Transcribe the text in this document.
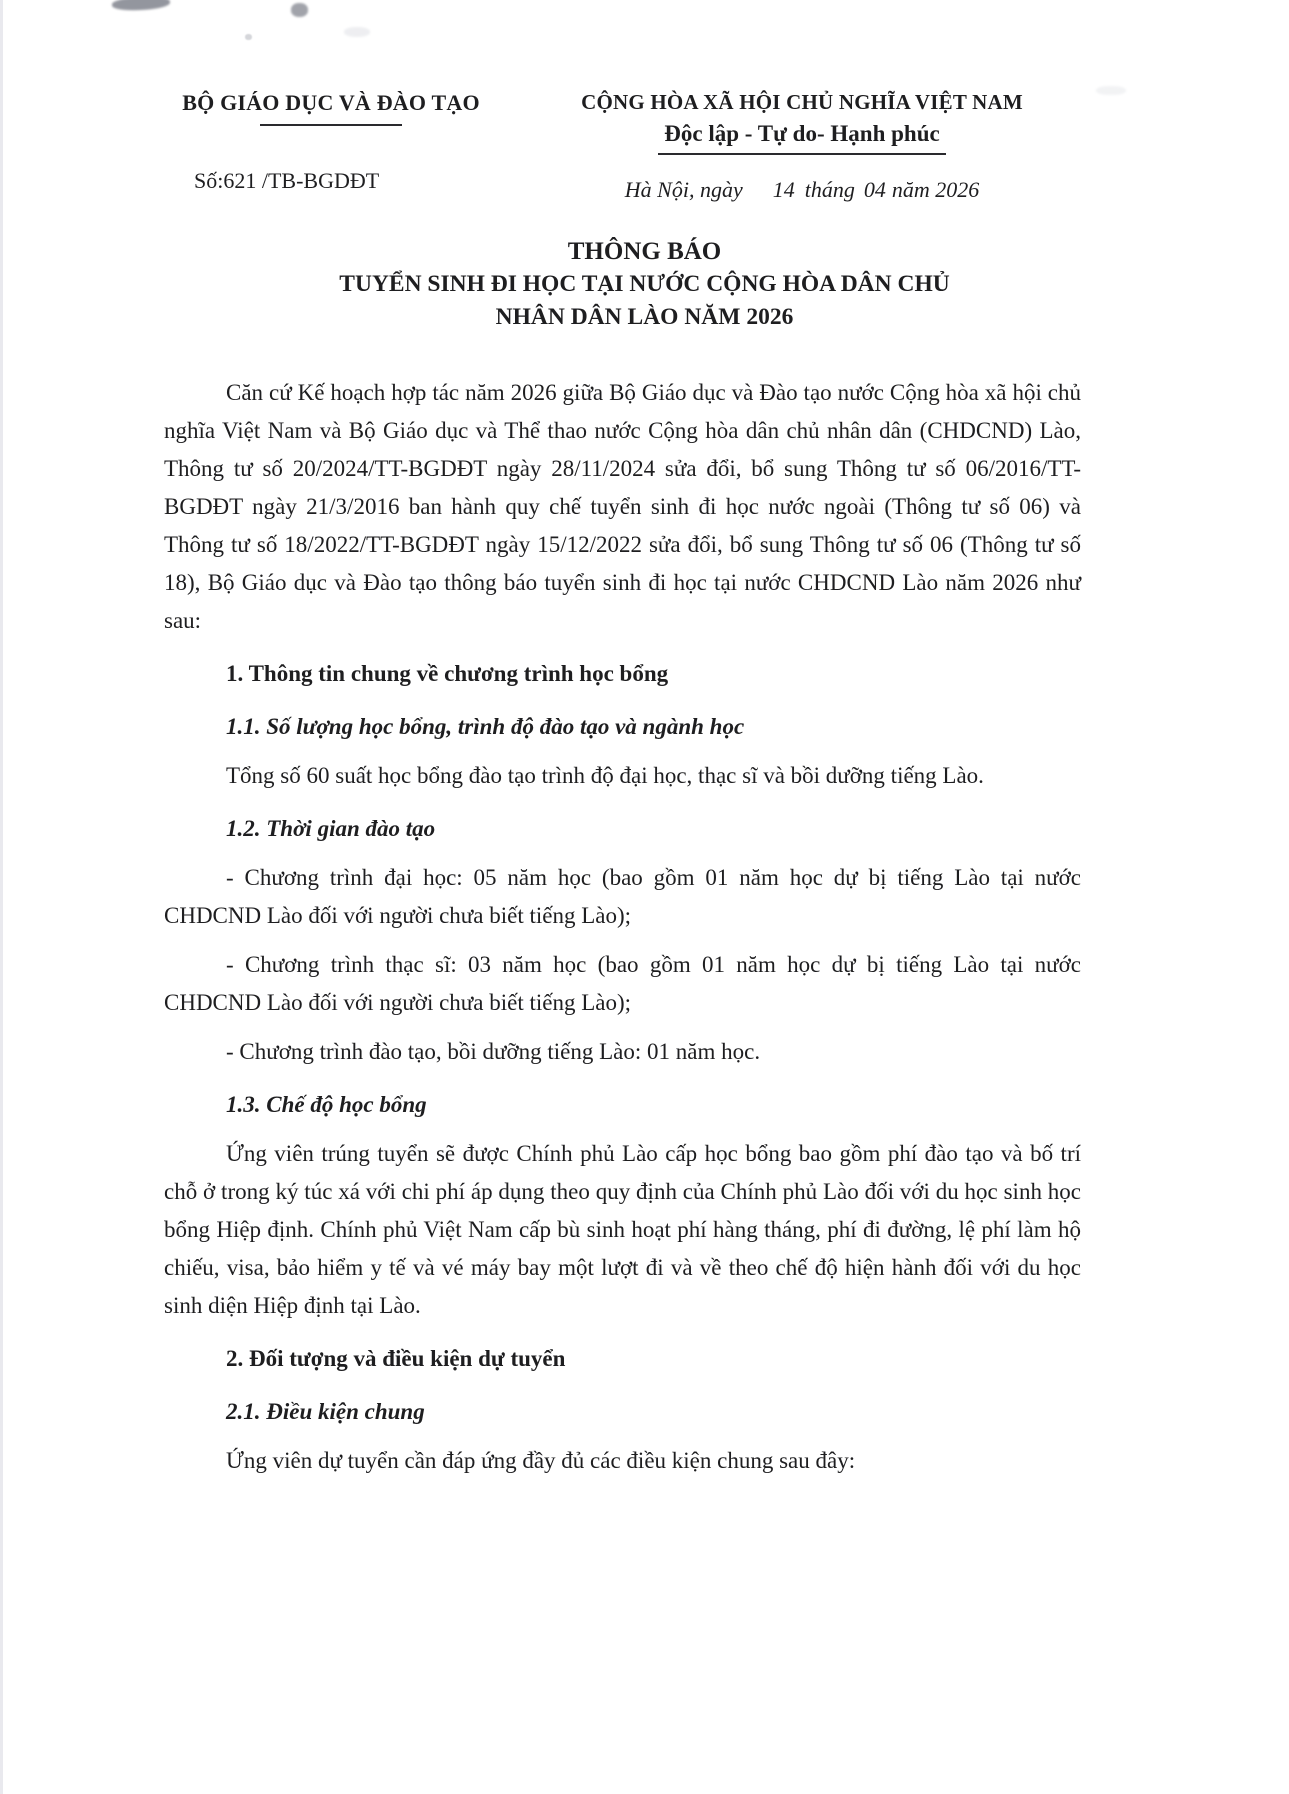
BỘ GIÁO DỤC VÀ ĐÀO TẠO
Số:621 /TB-BGDĐT
CỘNG HÒA XÃ HỘI CHỦ NGHĨA VIỆT NAM
Độc lập - Tự do- Hạnh phúc
Hà Nội, ngày 14 tháng 04 năm 2026
THÔNG BÁO
TUYỂN SINH ĐI HỌC TẠI NƯỚC CỘNG HÒA DÂN CHỦ
NHÂN DÂN LÀO NĂM 2026
Căn cứ Kế hoạch hợp tác năm 2026 giữa Bộ Giáo dục và Đào tạo nước Cộng hòa xã hội chủ nghĩa Việt Nam và Bộ Giáo dục và Thể thao nước Cộng hòa dân chủ nhân dân (CHDCND) Lào, Thông tư số 20/2024/TT-BGDĐT ngày 28/11/2024 sửa đổi, bổ sung Thông tư số 06/2016/TT-BGDĐT ngày 21/3/2016 ban hành quy chế tuyển sinh đi học nước ngoài (Thông tư số 06) và Thông tư số 18/2022/TT-BGDĐT ngày 15/12/2022 sửa đổi, bổ sung Thông tư số 06 (Thông tư số 18), Bộ Giáo dục và Đào tạo thông báo tuyển sinh đi học tại nước CHDCND Lào năm 2026 như sau:
1. Thông tin chung về chương trình học bổng
1.1. Số lượng học bổng, trình độ đào tạo và ngành học
Tổng số 60 suất học bổng đào tạo trình độ đại học, thạc sĩ và bồi dưỡng tiếng Lào.
1.2. Thời gian đào tạo
- Chương trình đại học: 05 năm học (bao gồm 01 năm học dự bị tiếng Lào tại nước CHDCND Lào đối với người chưa biết tiếng Lào);
- Chương trình thạc sĩ: 03 năm học (bao gồm 01 năm học dự bị tiếng Lào tại nước CHDCND Lào đối với người chưa biết tiếng Lào);
- Chương trình đào tạo, bồi dưỡng tiếng Lào: 01 năm học.
1.3. Chế độ học bổng
Ứng viên trúng tuyển sẽ được Chính phủ Lào cấp học bổng bao gồm phí đào tạo và bố trí chỗ ở trong ký túc xá với chi phí áp dụng theo quy định của Chính phủ Lào đối với du học sinh học bổng Hiệp định. Chính phủ Việt Nam cấp bù sinh hoạt phí hàng tháng, phí đi đường, lệ phí làm hộ chiếu, visa, bảo hiểm y tế và vé máy bay một lượt đi và về theo chế độ hiện hành đối với du học sinh diện Hiệp định tại Lào.
2. Đối tượng và điều kiện dự tuyển
2.1. Điều kiện chung
Ứng viên dự tuyển cần đáp ứng đầy đủ các điều kiện chung sau đây:
